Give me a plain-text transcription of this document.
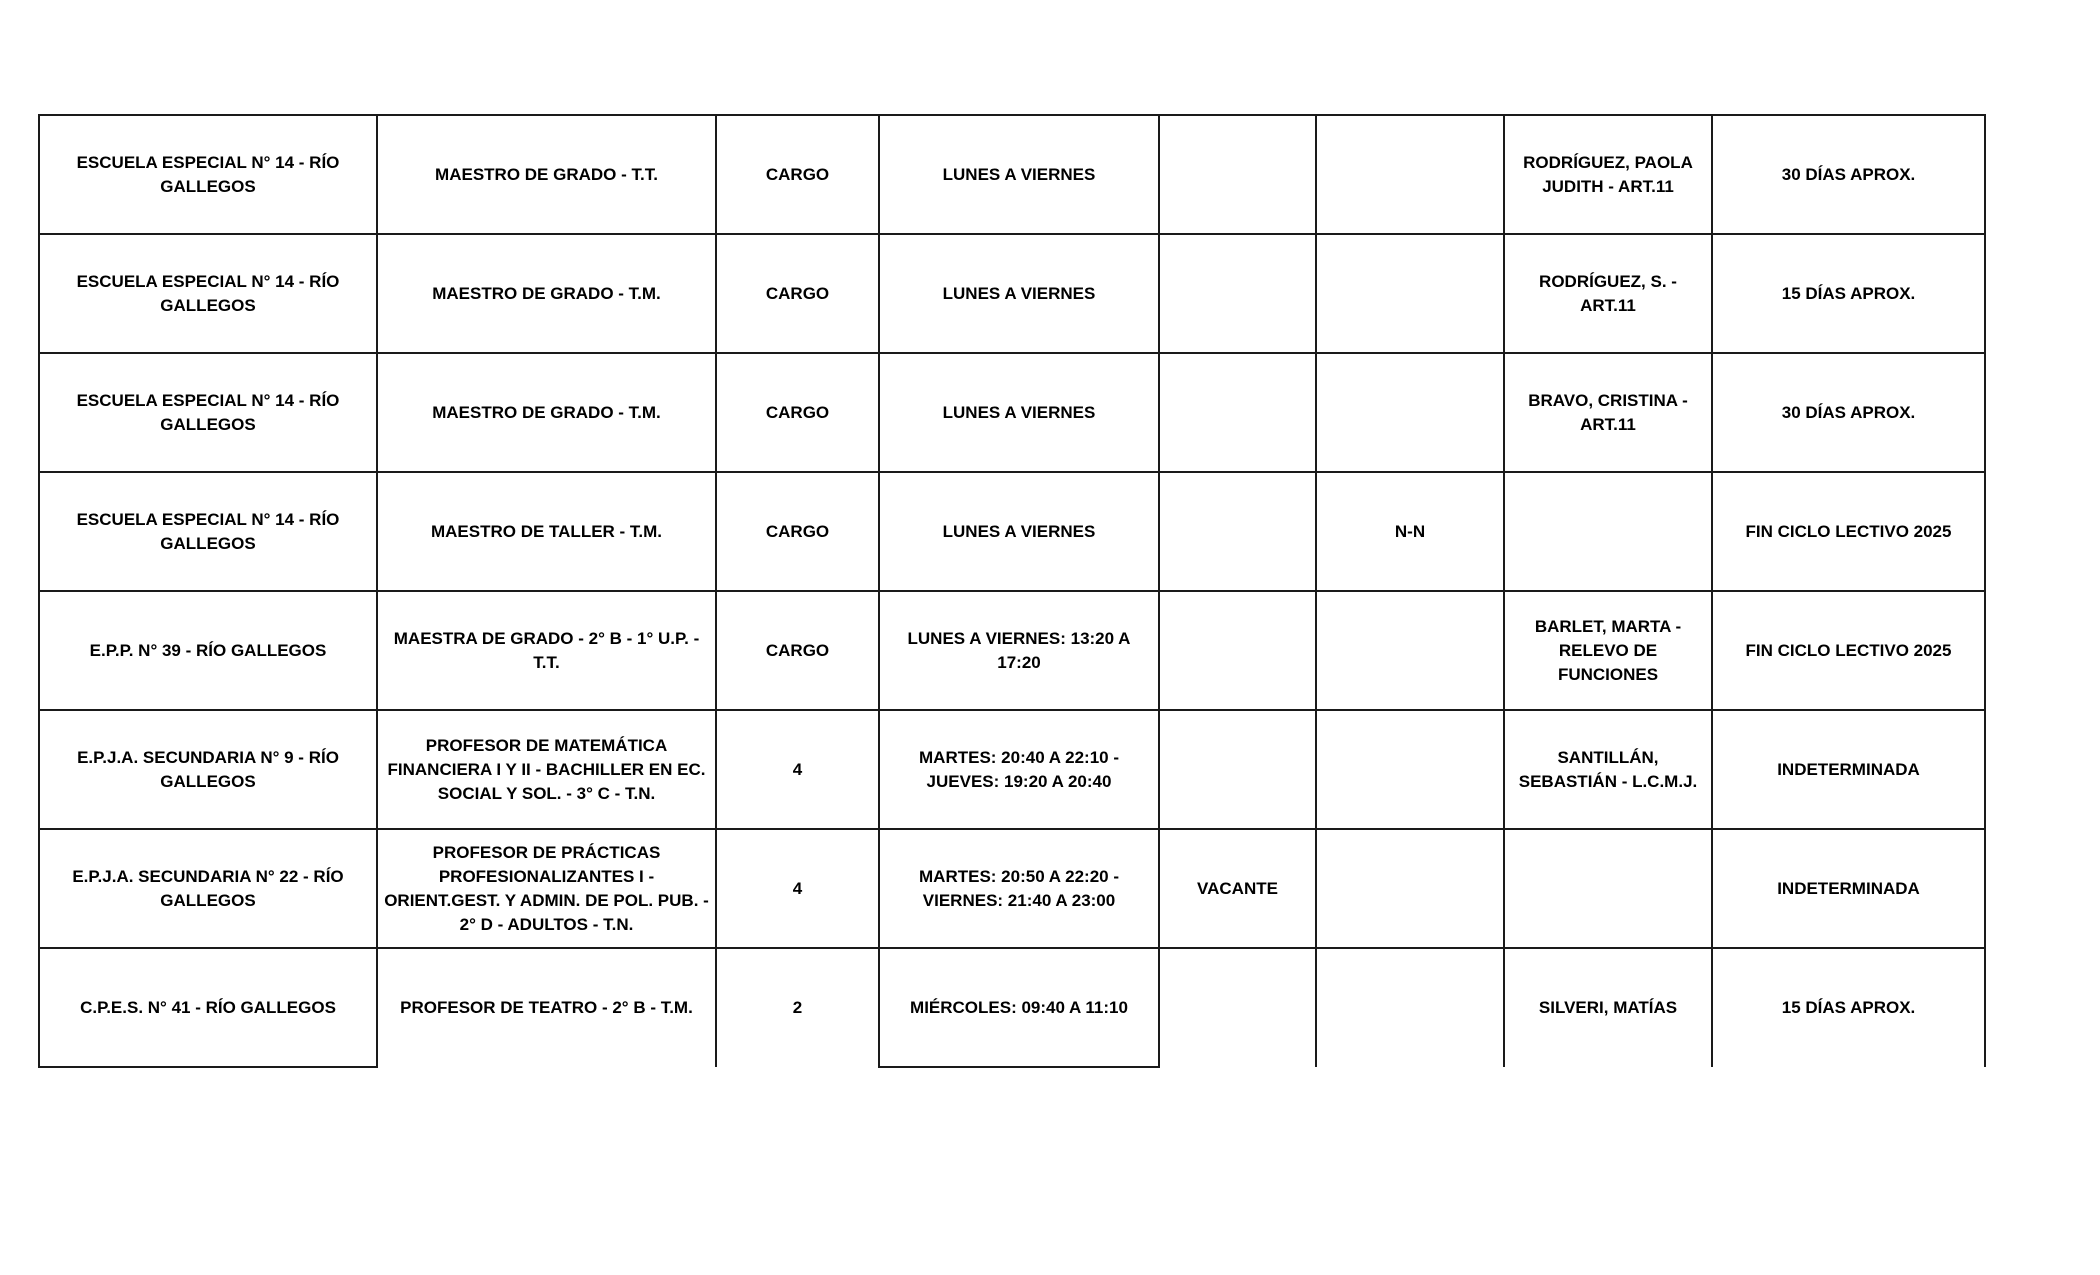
ESCUELA ESPECIAL N° 14 - RÍO GALLEGOS	MAESTRO DE GRADO - T.T.	CARGO	LUNES A VIERNES			RODRÍGUEZ, PAOLA JUDITH - ART.11	30 DÍAS APROX.
ESCUELA ESPECIAL N° 14 - RÍO GALLEGOS	MAESTRO DE GRADO - T.M.	CARGO	LUNES A VIERNES			RODRÍGUEZ, S. - ART.11	15 DÍAS APROX.
ESCUELA ESPECIAL N° 14 - RÍO GALLEGOS	MAESTRO DE GRADO - T.M.	CARGO	LUNES A VIERNES			BRAVO, CRISTINA - ART.11	30 DÍAS APROX.
ESCUELA ESPECIAL N° 14 - RÍO GALLEGOS	MAESTRO DE TALLER - T.M.	CARGO	LUNES A VIERNES		N-N		FIN CICLO LECTIVO 2025
E.P.P. N° 39 - RÍO GALLEGOS	MAESTRA DE GRADO - 2° B - 1° U.P. - T.T.	CARGO	LUNES A VIERNES: 13:20 A 17:20			BARLET, MARTA - RELEVO DE FUNCIONES	FIN CICLO LECTIVO 2025
E.P.J.A. SECUNDARIA N° 9 - RÍO GALLEGOS	PROFESOR DE MATEMÁTICA FINANCIERA I Y II - BACHILLER EN EC. SOCIAL Y SOL. - 3° C - T.N.	4	MARTES: 20:40 A 22:10 - JUEVES: 19:20 A 20:40			SANTILLÁN, SEBASTIÁN - L.C.M.J.	INDETERMINADA
E.P.J.A. SECUNDARIA N° 22 - RÍO GALLEGOS	PROFESOR DE PRÁCTICAS PROFESIONALIZANTES I - ORIENT.GEST. Y ADMIN. DE POL. PUB. - 2° D - ADULTOS - T.N.	4	MARTES: 20:50 A 22:20 - VIERNES: 21:40 A 23:00	VACANTE			INDETERMINADA
C.P.E.S. N° 41 - RÍO GALLEGOS	PROFESOR DE TEATRO - 2° B - T.M.	2	MIÉRCOLES: 09:40 A 11:10			SILVERI, MATÍAS	15 DÍAS APROX.
